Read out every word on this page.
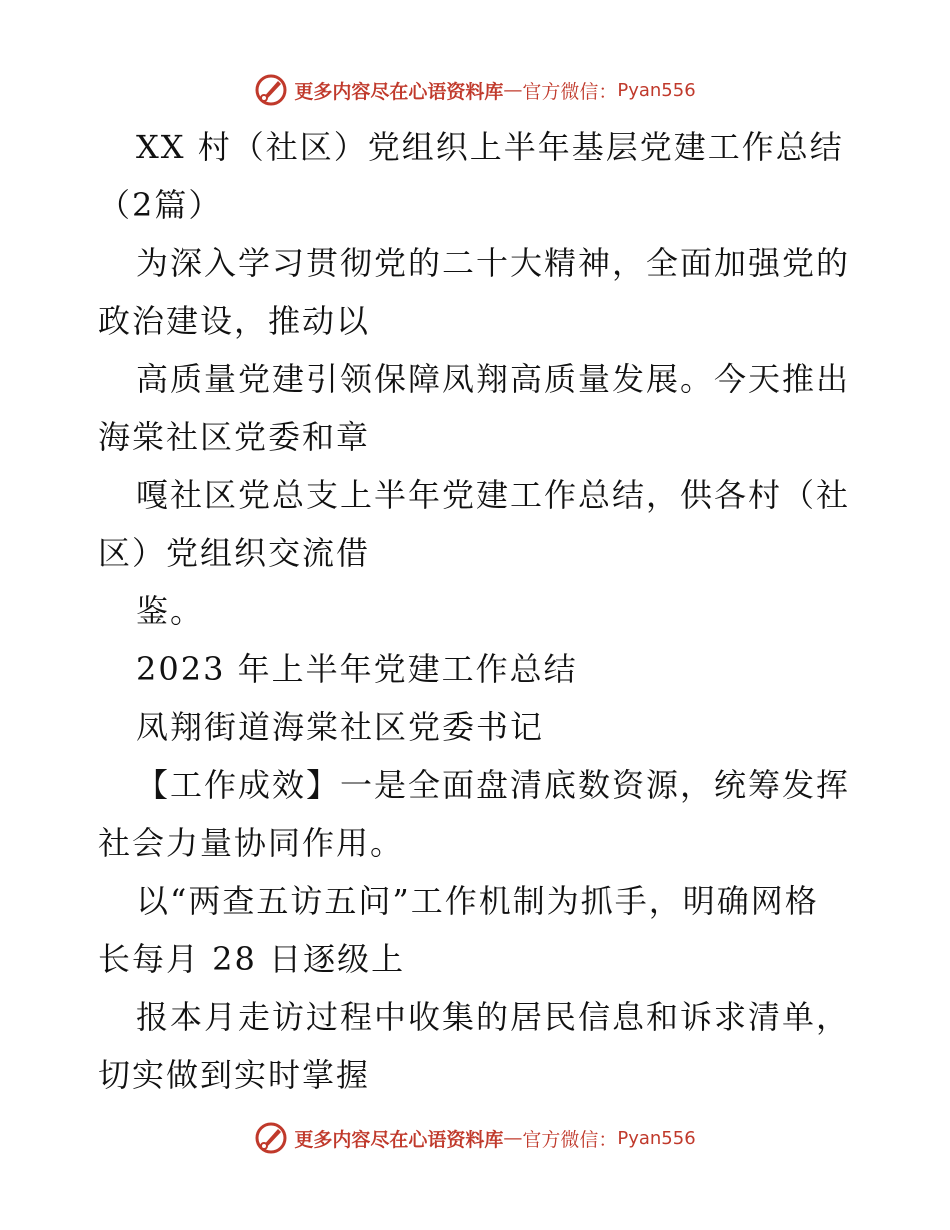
更多内容尽在心语资料库 — 官方微信： Pyan556
XX 村（社区）党组织上半年基层党建工作总结
（2篇）
为深入学习贯彻党的二十大精神，全面加强党的
政治建设，推动以
高质量党建引领保障凤翔高质量发展。今天推出
海棠社区党委和章
嘎社区党总支上半年党建工作总结，供各村（社
区）党组织交流借
鉴。
2023 年上半年党建工作总结
凤翔街道海棠社区党委书记
【工作成效】一是全面盘清底数资源，统筹发挥
社会力量协同作用。
以“两查五访五问”工作机制为抓手，明确网格
长每月 28 日逐级上
报本月走访过程中收集的居民信息和诉求清单，
切实做到实时掌握
更多内容尽在心语资料库 — 官方微信： Pyan556
